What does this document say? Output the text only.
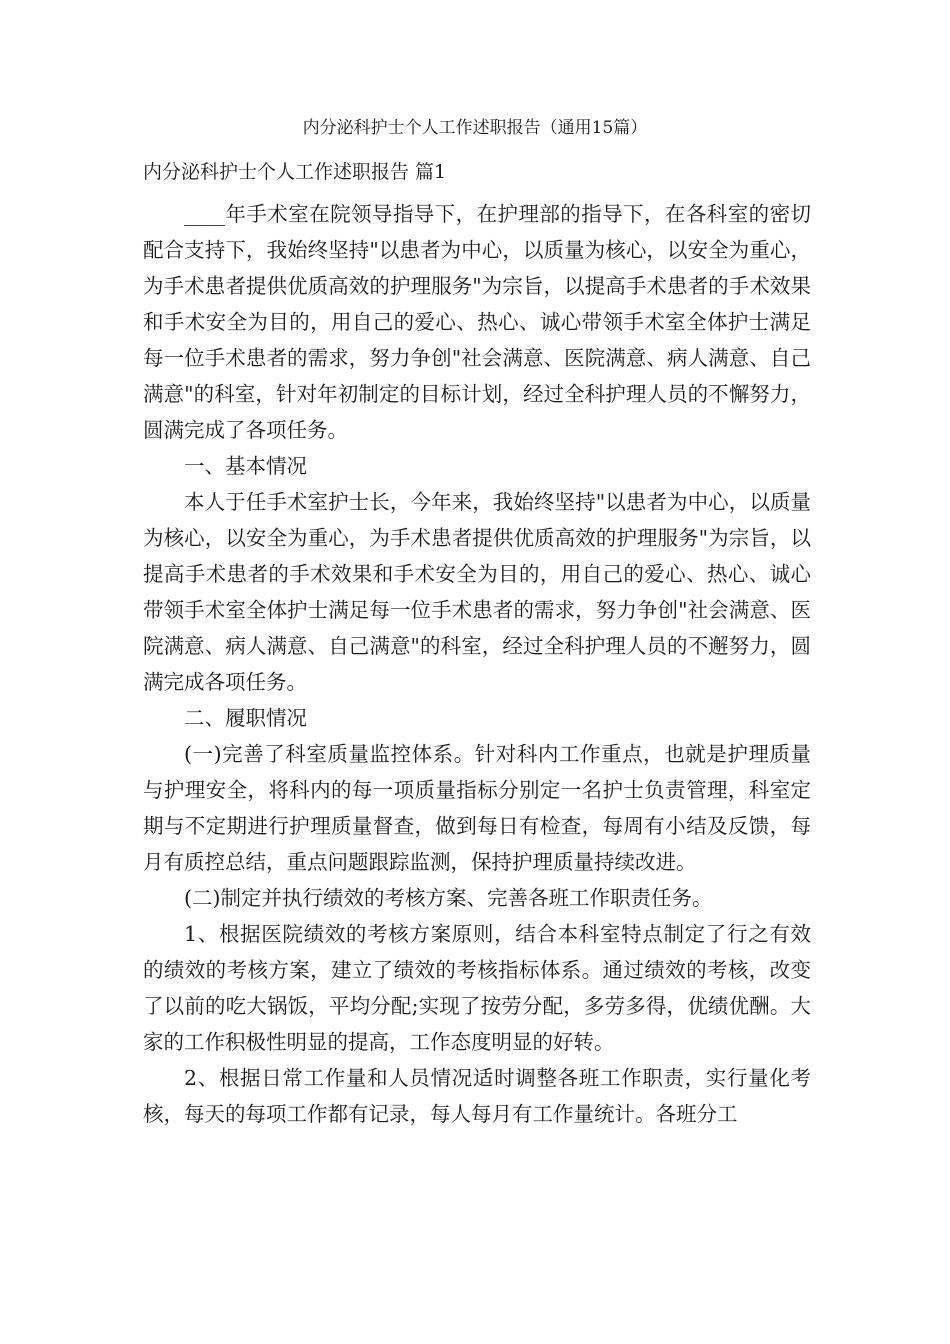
内分泌科护士个人工作述职报告（通用15篇）
内分泌科护士个人工作述职报告 篇1

____年手术室在院领导指导下，在护理部的指导下，在各科室的密切配合支持下，我始终坚持"以患者为中心，以质量为核心，以安全为重心，为手术患者提供优质高效的护理服务"为宗旨，以提高手术患者的手术效果和手术安全为目的，用自己的爱心、热心、诚心带领手术室全体护士满足每一位手术患者的需求，努力争创"社会满意、医院满意、病人满意、自己满意"的科室，针对年初制定的目标计划，经过全科护理人员的不懈努力，圆满完成了各项任务。

一、基本情况

本人于任手术室护士长，今年来，我始终坚持"以患者为中心，以质量为核心，以安全为重心，为手术患者提供优质高效的护理服务"为宗旨，以提高手术患者的手术效果和手术安全为目的，用自己的爱心、热心、诚心带领手术室全体护士满足每一位手术患者的需求，努力争创"社会满意、医院满意、病人满意、自己满意"的科室，经过全科护理人员的不邂努力，圆满完成各项任务。

二、履职情况

(一)完善了科室质量监控体系。针对科内工作重点，也就是护理质量与护理安全，将科内的每一项质量指标分别定一名护士负责管理，科室定期与不定期进行护理质量督查，做到每日有检查，每周有小结及反馈，每月有质控总结，重点问题跟踪监测，保持护理质量持续改进。

(二)制定并执行绩效的考核方案、完善各班工作职责任务。

1、根据医院绩效的考核方案原则，结合本科室特点制定了行之有效的绩效的考核方案，建立了绩效的考核指标体系。通过绩效的考核，改变了以前的吃大锅饭，平均分配;实现了按劳分配，多劳多得，优绩优酬。大家的工作积极性明显的提高，工作态度明显的好转。

2、根据日常工作量和人员情况适时调整各班工作职责，实行量化考核，每天的每项工作都有记录，每人每月有工作量统计。各班分工
